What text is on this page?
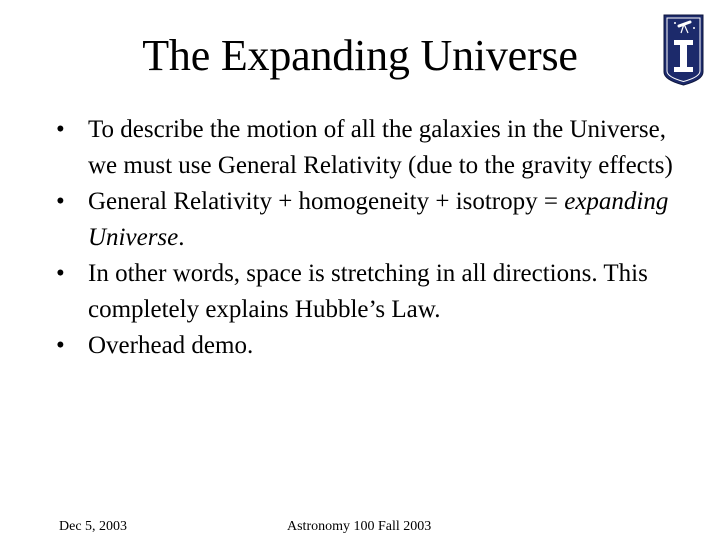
The Expanding Universe
• To describe the motion of all the galaxies in the Universe, we must use General Relativity (due to the gravity effects)
• General Relativity + homogeneity + isotropy = expanding Universe.
• In other words, space is stretching in all directions. This completely explains Hubble’s Law.
• Overhead demo.
Dec 5, 2003	Astronomy 100 Fall 2003
